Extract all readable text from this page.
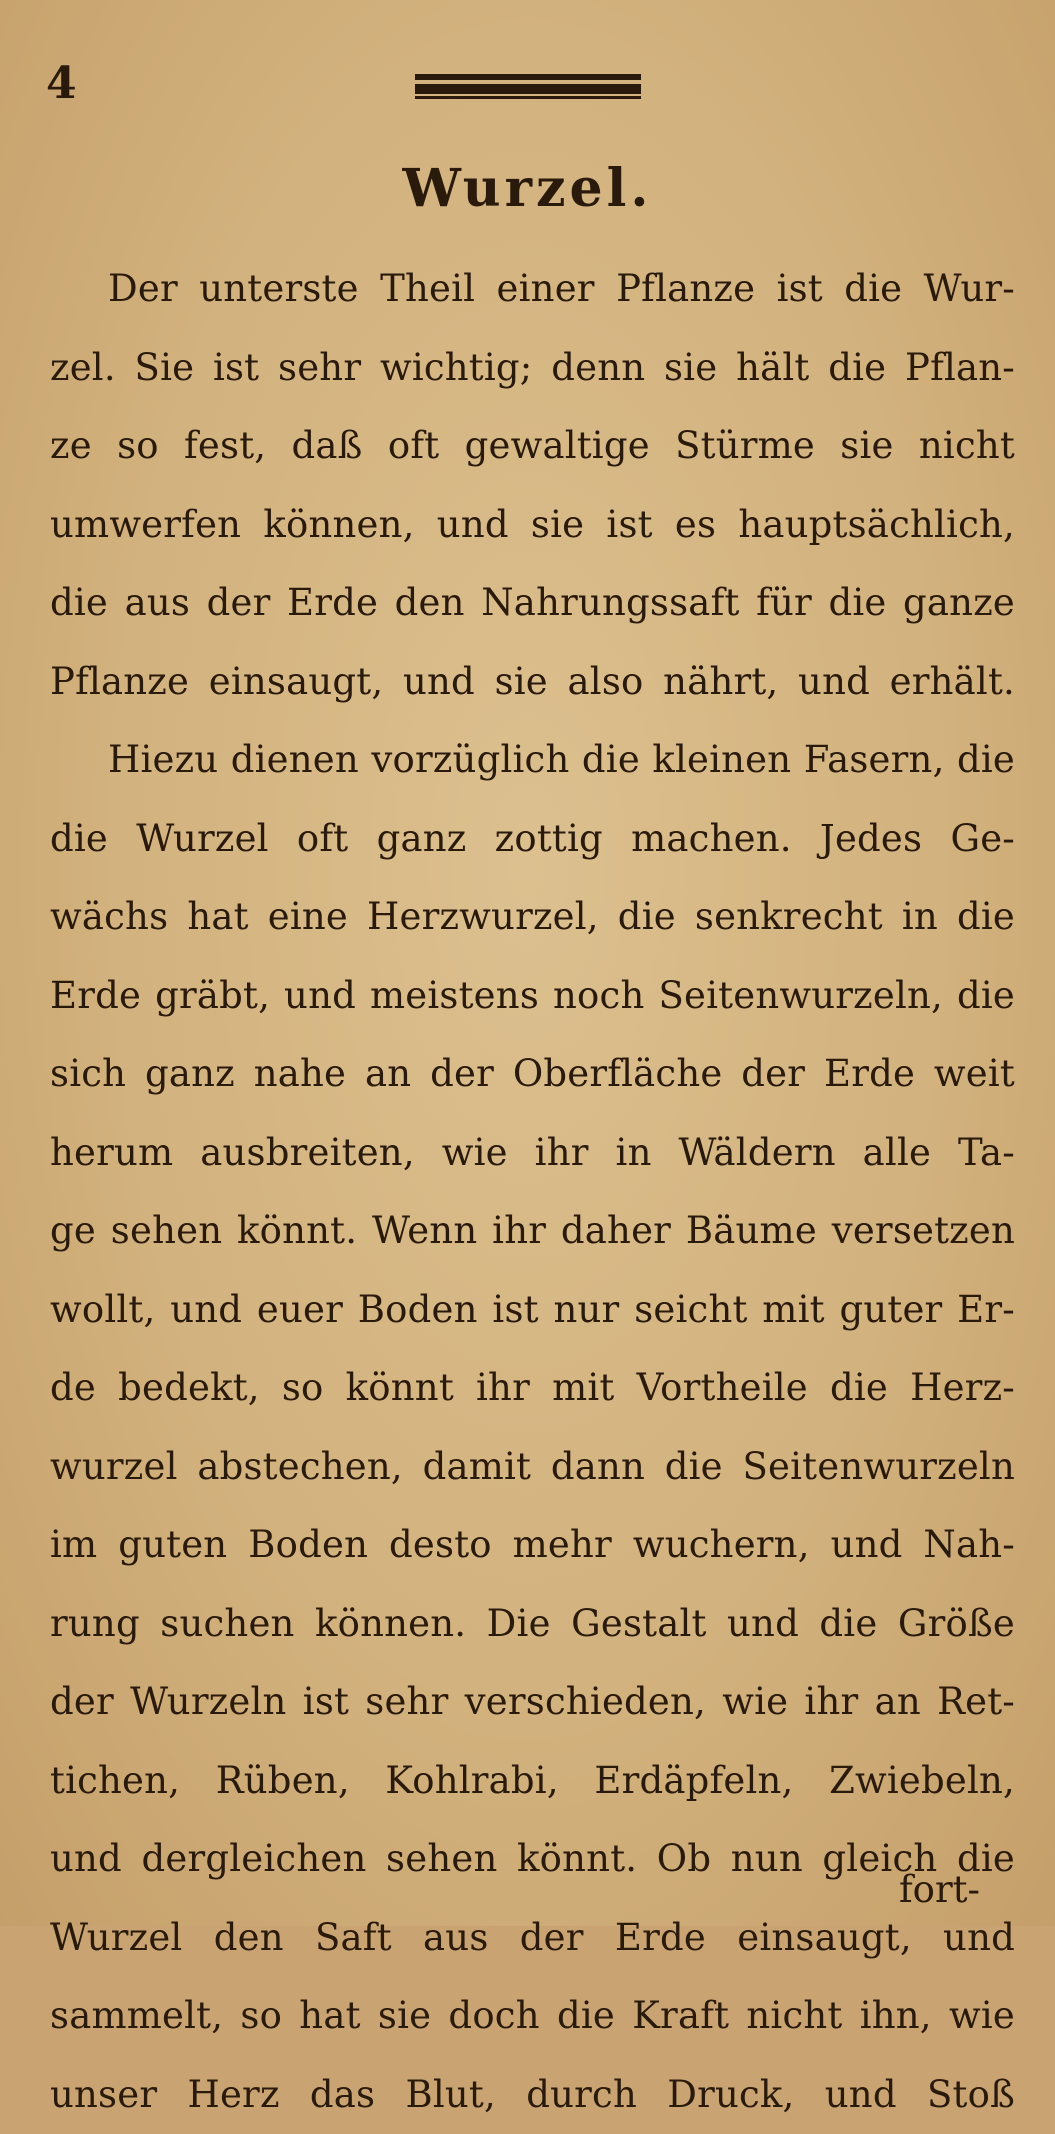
4
Wurzel.
Der unterste Theil einer Pflanze ist die Wur-
zel. Sie ist sehr wichtig; denn sie hält die Pflan-
ze so fest, daß oft gewaltige Stürme sie nicht
umwerfen können, und sie ist es hauptsächlich,
die aus der Erde den Nahrungssaft für die ganze
Pflanze einsaugt, und sie also nährt, und erhält.
Hiezu dienen vorzüglich die kleinen Fasern, die
die Wurzel oft ganz zottig machen. Jedes Ge-
wächs hat eine Herzwurzel, die senkrecht in die
Erde gräbt, und meistens noch Seitenwurzeln, die
sich ganz nahe an der Oberfläche der Erde weit
herum ausbreiten, wie ihr in Wäldern alle Ta-
ge sehen könnt. Wenn ihr daher Bäume versetzen
wollt, und euer Boden ist nur seicht mit guter Er-
de bedekt, so könnt ihr mit Vortheile die Herz-
wurzel abstechen, damit dann die Seitenwurzeln
im guten Boden desto mehr wuchern, und Nah-
rung suchen können. Die Gestalt und die Größe
der Wurzeln ist sehr verschieden, wie ihr an Ret-
tichen, Rüben, Kohlrabi, Erdäpfeln, Zwiebeln,
und dergleichen sehen könnt. Ob nun gleich die
Wurzel den Saft aus der Erde einsaugt, und
sammelt, so hat sie doch die Kraft nicht ihn, wie
unser Herz das Blut, durch Druck, und Stoß
fort-
